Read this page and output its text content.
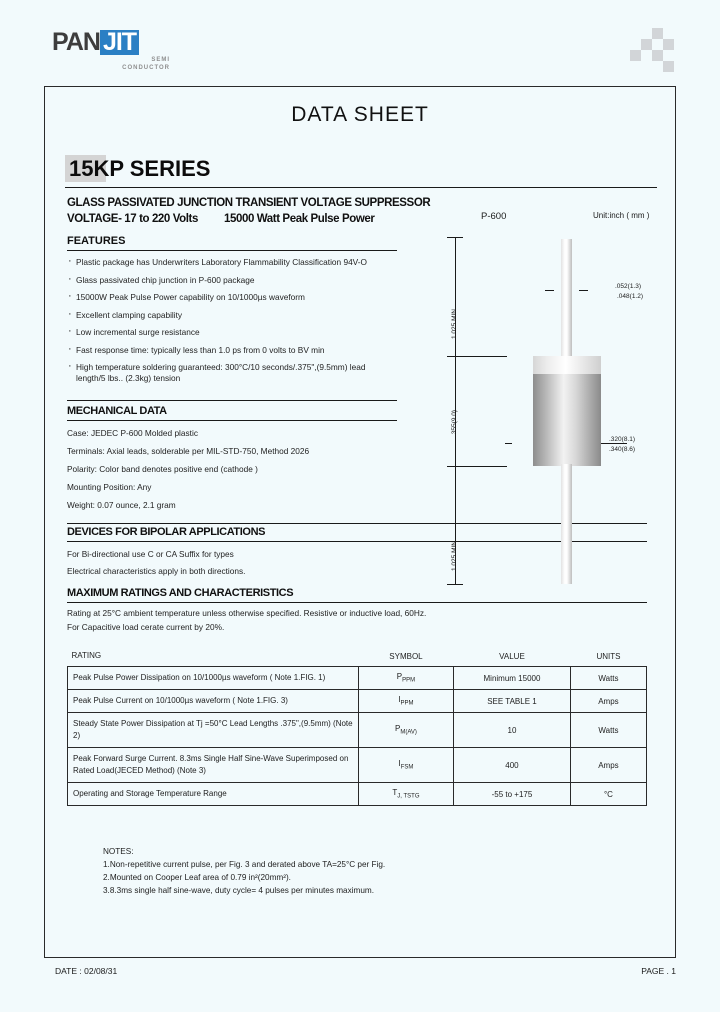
PAN JIT
SEMI
CONDUCTOR
DATA SHEET
15KP SERIES
GLASS PASSIVATED JUNCTION TRANSIENT VOLTAGE SUPPRESSOR
VOLTAGE- 17 to 220 Volts 15000 Watt Peak Pulse Power
FEATURES
· Plastic package has Underwriters Laboratory Flammability Classification 94V-O
· Glass passivated chip junction in P-600 package
· 15000W Peak Pulse Power capability on 10/1000µs waveform
· Excellent clamping capability
· Low incremental surge resistance
· Fast response time: typically less than 1.0 ps from 0 volts to BV min
· High temperature soldering guaranteed: 300°C/10 seconds/.375",(9.5mm) lead length/5 lbs.. (2.3kg) tension
MECHANICAL DATA
Case: JEDEC P-600 Molded plastic
Terminals: Axial leads, solderable per MIL-STD-750, Method 2026
Polarity: Color band denotes positive end (cathode )
Mounting Position: Any
Weight: 0.07 ounce, 2.1 gram
DEVICES FOR BIPOLAR APPLICATIONS
For Bi-directional use C or CA Suffix for types
Electrical characteristics apply in both directions.
MAXIMUM RATINGS AND CHARACTERISTICS
Rating at 25°C ambient temperature unless otherwise specified. Resistive or inductive load, 60Hz.
For Capacitive load cerate current by 20%.
RATING	SYMBOL	VALUE	UNITS
Peak Pulse Power Dissipation on 10/1000µs waveform ( Note 1.FIG. 1)	$P_{PPM}$	Minimum 15000	Watts
Peak Pulse Current on 10/1000µs waveform ( Note 1.FIG. 3)	$I_{PPM}$	SEE TABLE 1	Amps
Steady State Power Dissipation at Tj =50°C Lead Lengths .375",(9.5mm) (Note 2)	$P_{M(AV)}$	10	Watts
Peak Forward Surge Current. 8.3ms Single Half Sine-Wave Superimposed on Rated Load(JECED Method) (Note 3)	$I_{FSM}$	400	Amps
Operating and Storage Temperature Range	$T_{J, TSTG}$	-55 to +175	°C
NOTES:
1.Non-repetitive current pulse, per Fig. 3 and derated above TA=25°C per Fig.
2.Mounted on Cooper Leaf area of 0.79 in²(20mm²).
3.8.3ms single half sine-wave, duty cycle= 4 pulses per minutes maximum.
P-600	Unit:inch ( mm )
1.025 MIN
.355(9.0)
1.025 MIN
.052(1.3)
.048(1.2)
.320(8.1)
.340(8.6)
DATE : 02/08/31	PAGE . 1
